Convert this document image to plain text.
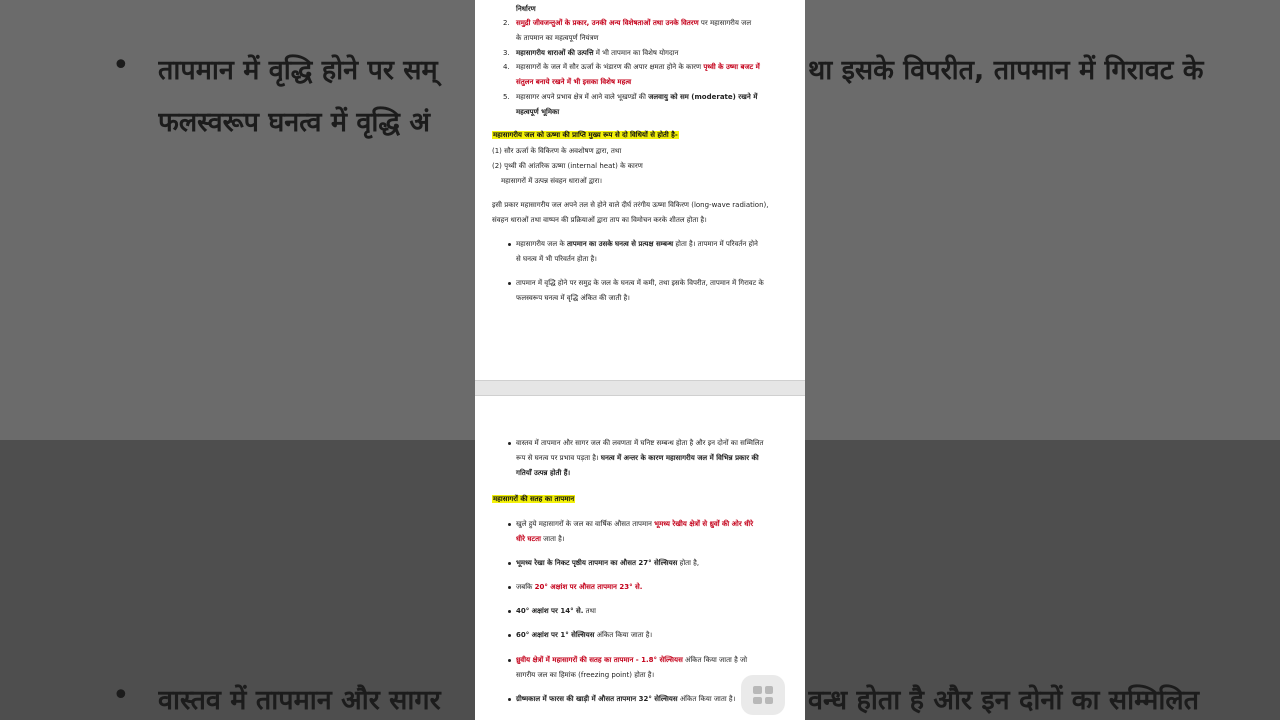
• तापमान में वृद्धि होने पर सम्	था इसके विपरीत, तापमान में गिरावट के
फलस्वरूप घनत्व में वृद्धि अं
• वास्तव में तापमान और सागर	वन्ध होता है और इन दोनों का सम्मिलित
निर्धारण
2. समुद्री जीवजन्तुओं के प्रकार, उनकी अन्य विशेषताओं तथा उनके वितरण पर महासागरीय जल
के तापमान का महत्वपूर्ण नियंत्रण
3. महासागरीय धाराओं की उत्पत्ति में भी तापमान का विशेष योगदान
4. महासागरों के जल में सौर ऊर्जा के भंडारण की अपार क्षमता होने के कारण पृथ्वी के उष्मा बजट में
संतुलन बनाये रखने में भी इसका विशेष महत्व
5. महासागर अपने प्रभाव क्षेत्र में आने वाले भूखण्डों की जलवायु को सम (moderate) रखने में
महत्वपूर्ण भूमिका
महासागरीय जल को ऊष्मा की प्राप्ति मुख्य रूप से दो विधियों से होती है-
(1) सौर ऊर्जा के विकिरण के अवशोषण द्वारा, तथा
(2) पृथ्वी की आंतरिक ऊष्मा (internal heat) के कारण
महासागरों में उत्पन्न संवहन धाराओं द्वारा।
इसी प्रकार महासागरीय जल अपने तल से होने वाले दीर्घ तरंगीय ऊष्मा विकिरण (long-wave radiation),
संवहन धाराओं तथा वाष्पन की प्रक्रियाओं द्वारा ताप का विमोचन करके शीतल होता है।
महासागरीय जल के तापमान का उसके घनत्व से प्रत्यक्ष सम्बन्ध होता है। तापमान में परिवर्तन होने
से घनत्व में भी परिवर्तन होता है।
तापमान में वृद्धि होने पर समुद्र के जल के घनत्व में कमी, तथा इसके विपरीत, तापमान में गिरावट के
फलस्वरूप घनत्व में वृद्धि अंकित की जाती है।
वास्तव में तापमान और सागर जल की लवणता में घनिष्ट सम्बन्ध होता है और इन दोनों का सम्मिलित
रूप से घनत्व पर प्रभाव पड़ता है। घनत्व में अन्तर के कारण महासागरीय जल में विभिन्न प्रकार की
गतियाँ उत्पन्न होती हैं।
महासागरों की सतह का तापमान
खुले हुये महासागरों के जल का वार्षिक औसत तापमान भूमध्य रेखीय क्षेत्रों से ध्रुवों की ओर धीरे
धीरे घटता जाता है।
भूमध्य रेखा के निकट पृष्ठीय तापमान का औसत 27° सेल्सियस होता है,
जबकि 20° अक्षांश पर औसत तापमान 23° से.
40° अक्षांश पर 14° से. तथा
60° अक्षांश पर 1° सेल्सियस अंकित किया जाता है।
ध्रुवीय क्षेत्रों में महासागरों की सतह का तापमान - 1.8° सेल्सियस अंकित किया जाता है जो
सागरीय जल का हिमांक (freezing point) होता है।
ग्रीष्मकाल में फारस की खाड़ी में औसत तापमान 32° सेल्सियस अंकित किया जाता है।
